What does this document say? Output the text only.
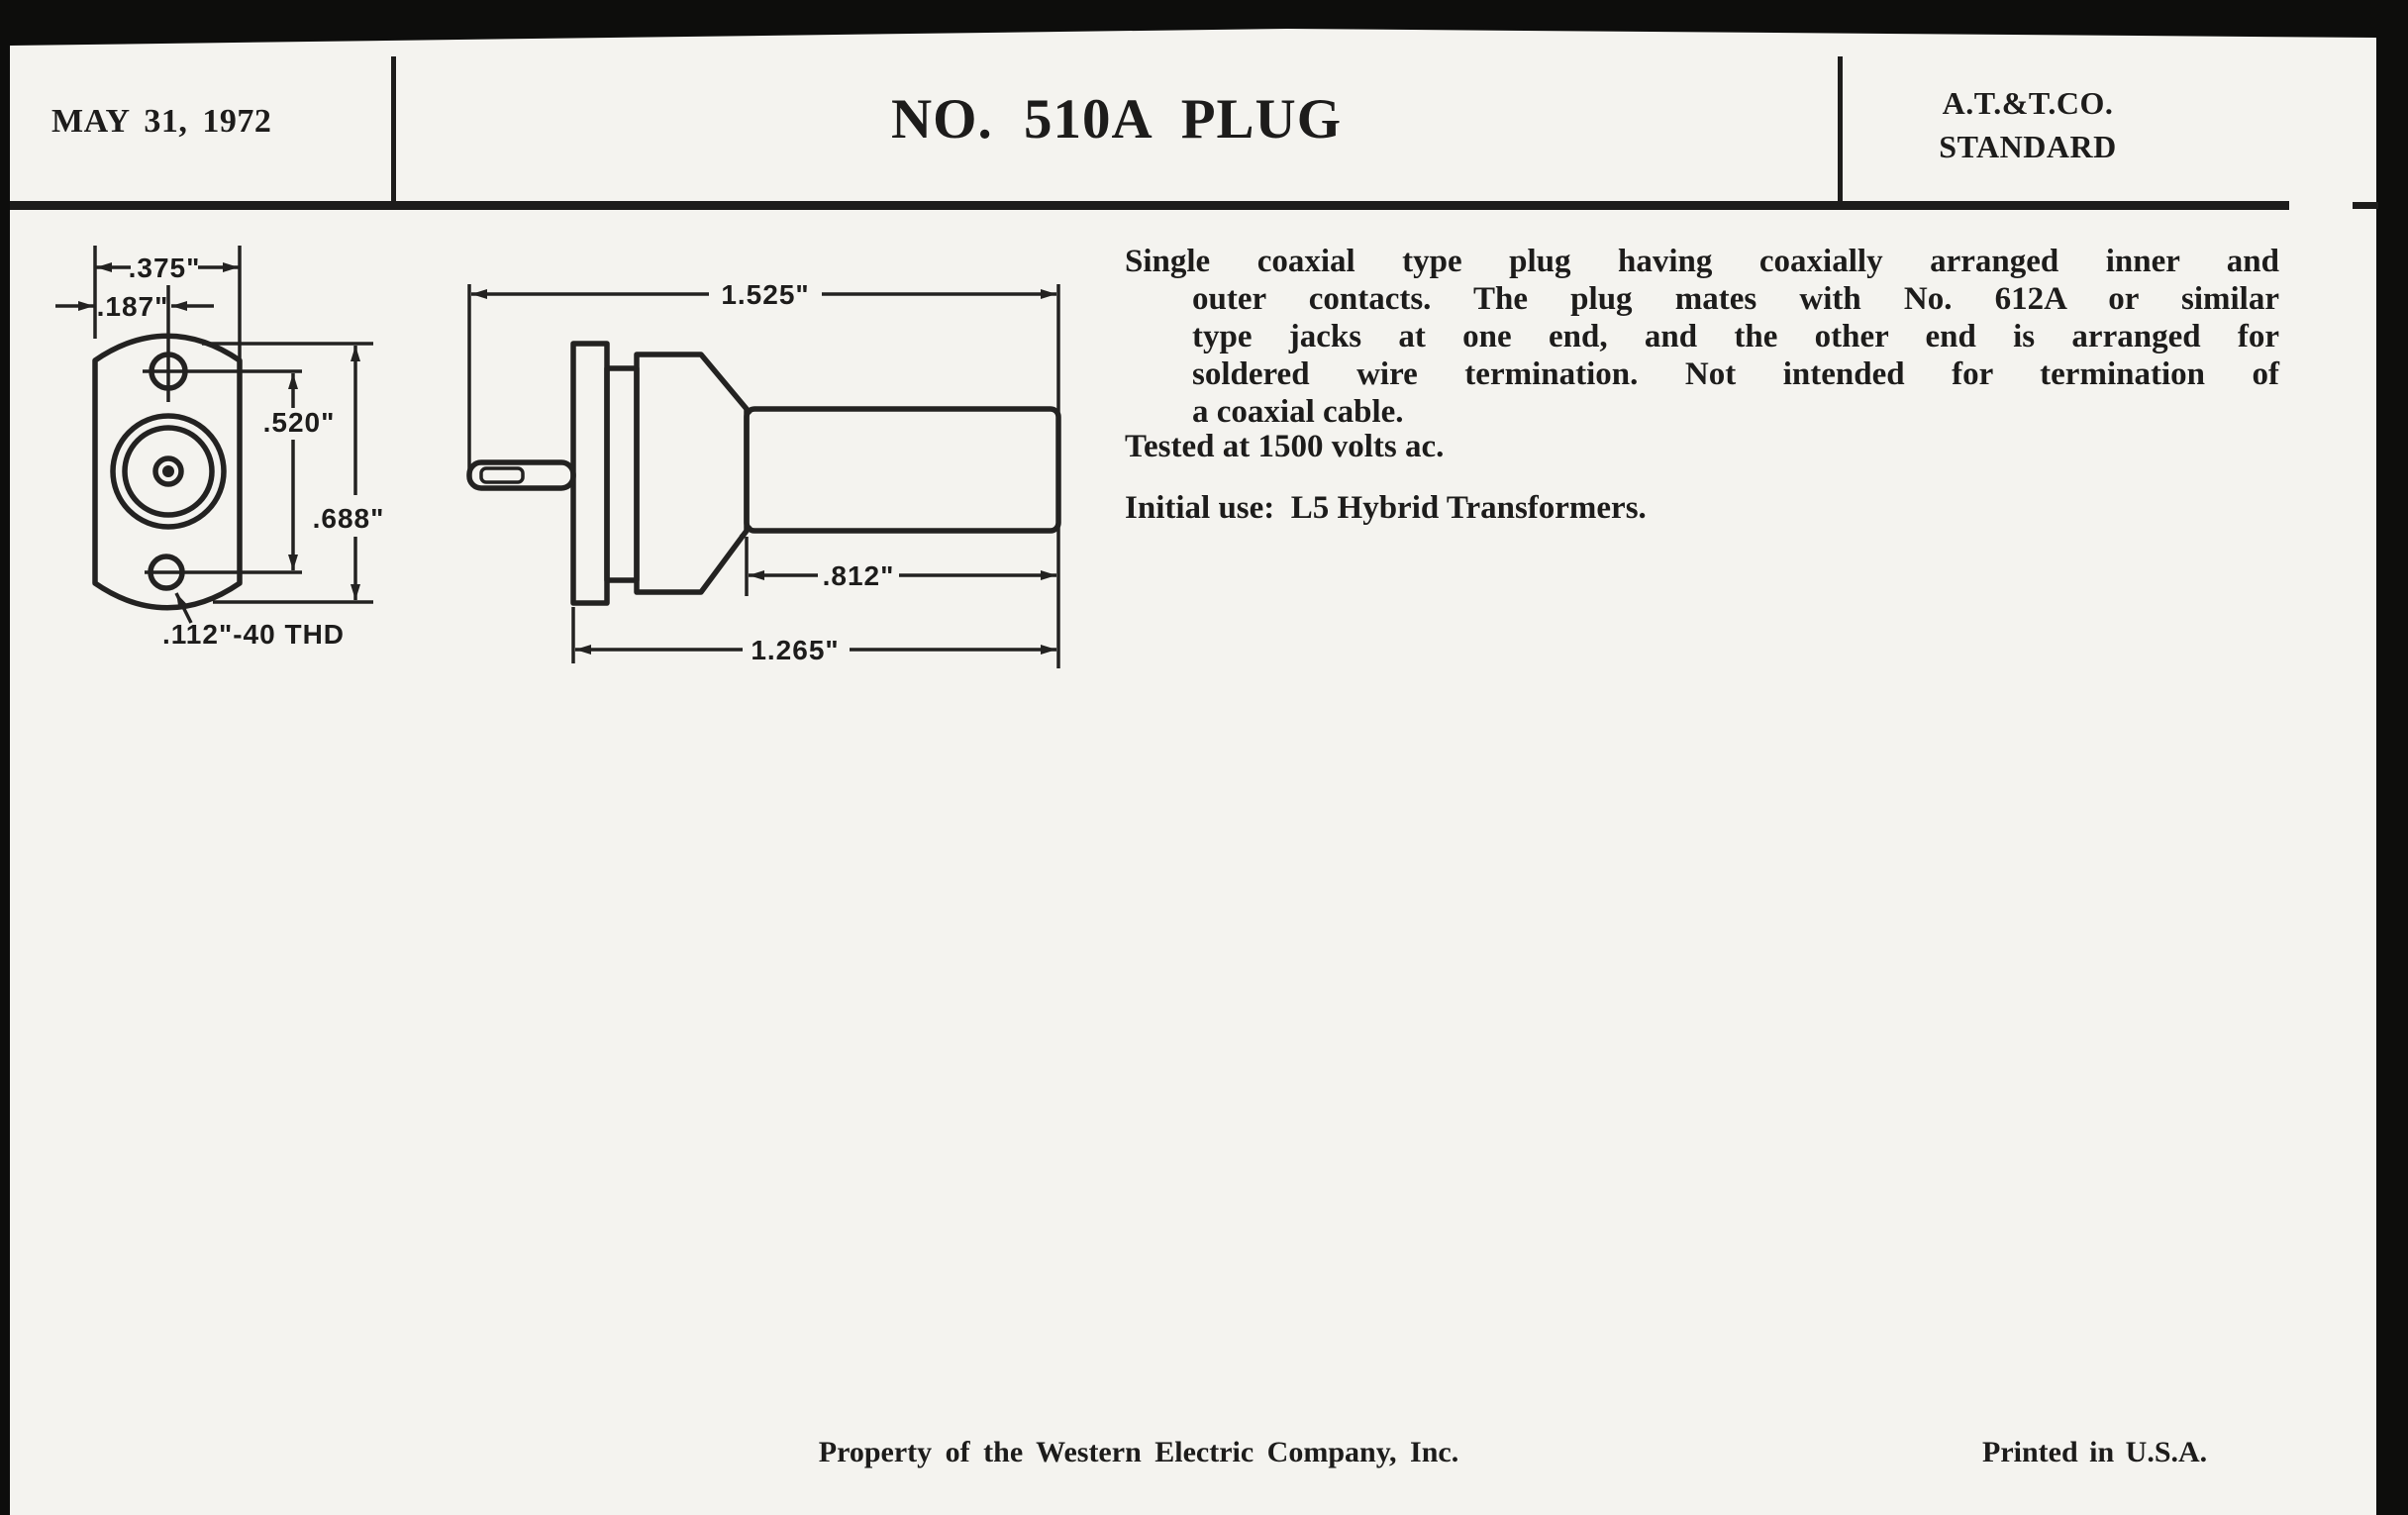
MAY 31, 1972	NO. 510A PLUG	A.T.&T.CO.
STANDARD
.375"
.187"
.520"
.688"
.112"-40 THD
1.525"
.812"
1.265"
Single coaxial type plug having coaxially arranged inner and
outer contacts. The plug mates with No. 612A or similar
type jacks at one end, and the other end is arranged for
soldered wire termination. Not intended for termination of
a coaxial cable.
Tested at 1500 volts ac.
Initial use:  L5 Hybrid Transformers.
Property of the Western Electric Company, Inc.	Printed in U.S.A.
